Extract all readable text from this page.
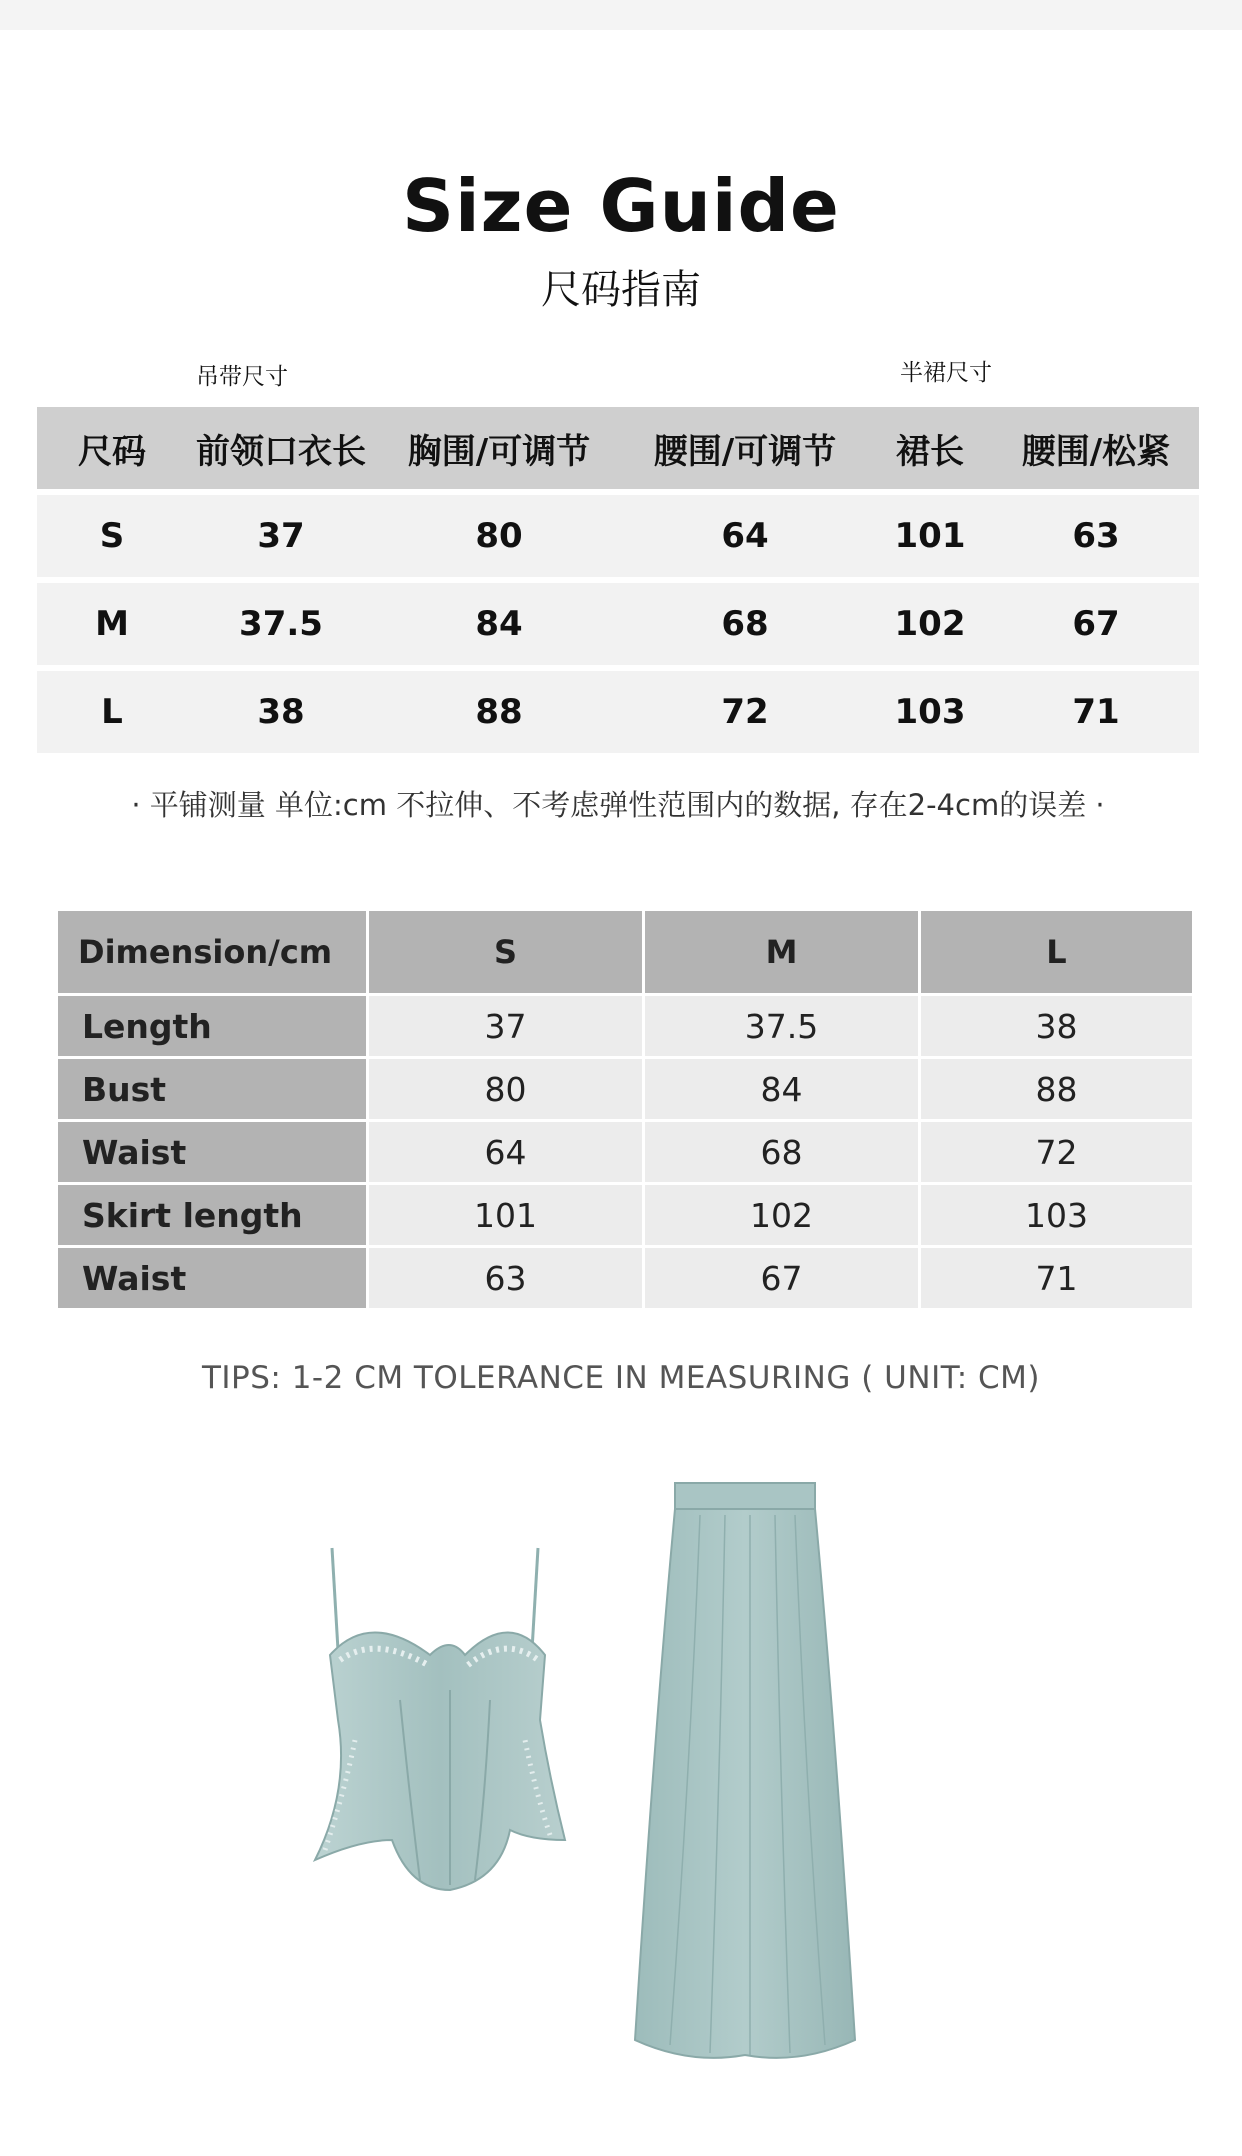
Size Guide
尺码指南
吊带尺寸	半裙尺寸
尺码	前领口衣长	胸围/可调节	腰围/可调节	裙长	腰围/松紧
S	37	80	64	101	63
M	37.5	84	68	102	67
L	38	88	72	103	71
· 平铺测量 单位:cm 不拉伸、不考虑弹性范围内的数据, 存在2-4cm的误差 ·
Dimension/cm	S	M	L
Length	37	37.5	38
Bust	80	84	88
Waist	64	68	72
Skirt length	101	102	103
Waist	63	67	71
TIPS: 1-2 CM TOLERANCE IN MEASURING ( UNIT: CM)
